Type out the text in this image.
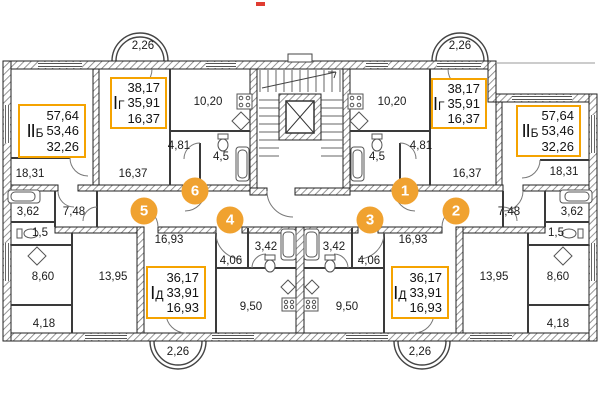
2,26	2,26
10,20	10,20
4,81	4,81
4,5	4,5
16,37	16,37
18,31	18,31
3,62	3,62
7,48	7,48
1,5	1,5
8,60	8,60
13,95	13,95
4,18	4,18
16,93	16,93
4,06	4,06
3,42	3,42
9,50	9,50
2,26	2,26
II Б
57,64
53,46
32,26
I Г
38,17
35,91
16,37
I Г
38,17
35,91
16,37
II Б
57,64
53,46
32,26
I Д
36,17
33,91
16,93
I Д
36,17
33,91
16,93
1
2
3
4
5
6
